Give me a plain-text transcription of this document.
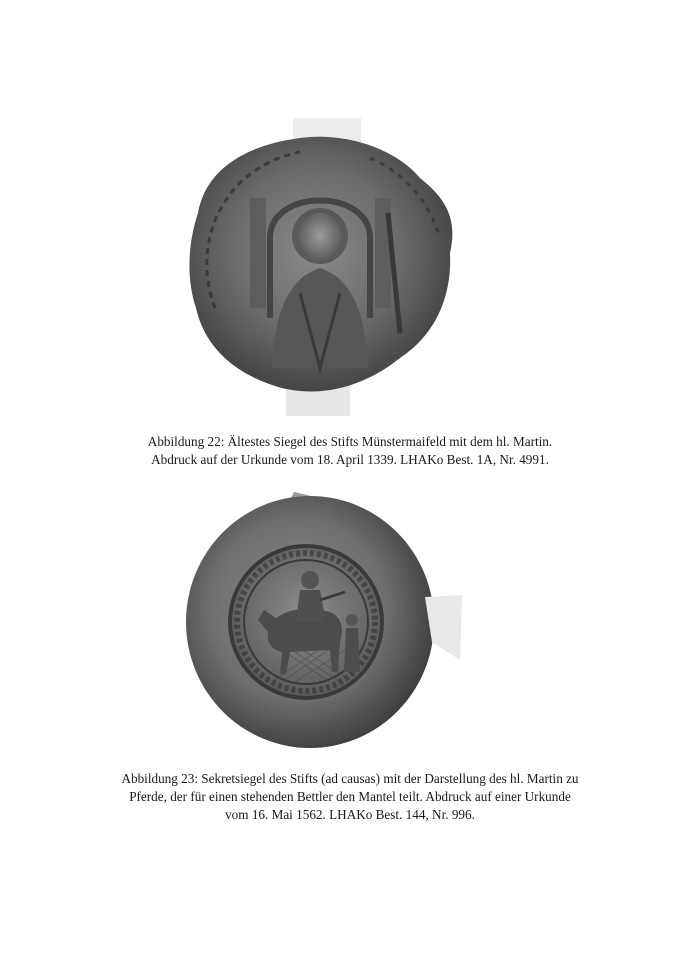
Abbildung 22: Ältestes Siegel des Stifts Münstermaifeld mit dem hl. Martin.
Abdruck auf der Urkunde vom 18. April 1339. LHAKo Best. 1A, Nr. 4991.
Abbildung 23: Sekretsiegel des Stifts (ad causas) mit der Darstellung des hl. Martin zu
Pferde, der für einen stehenden Bettler den Mantel teilt. Abdruck auf einer Urkunde
vom 16. Mai 1562. LHAKo Best. 144, Nr. 996.
